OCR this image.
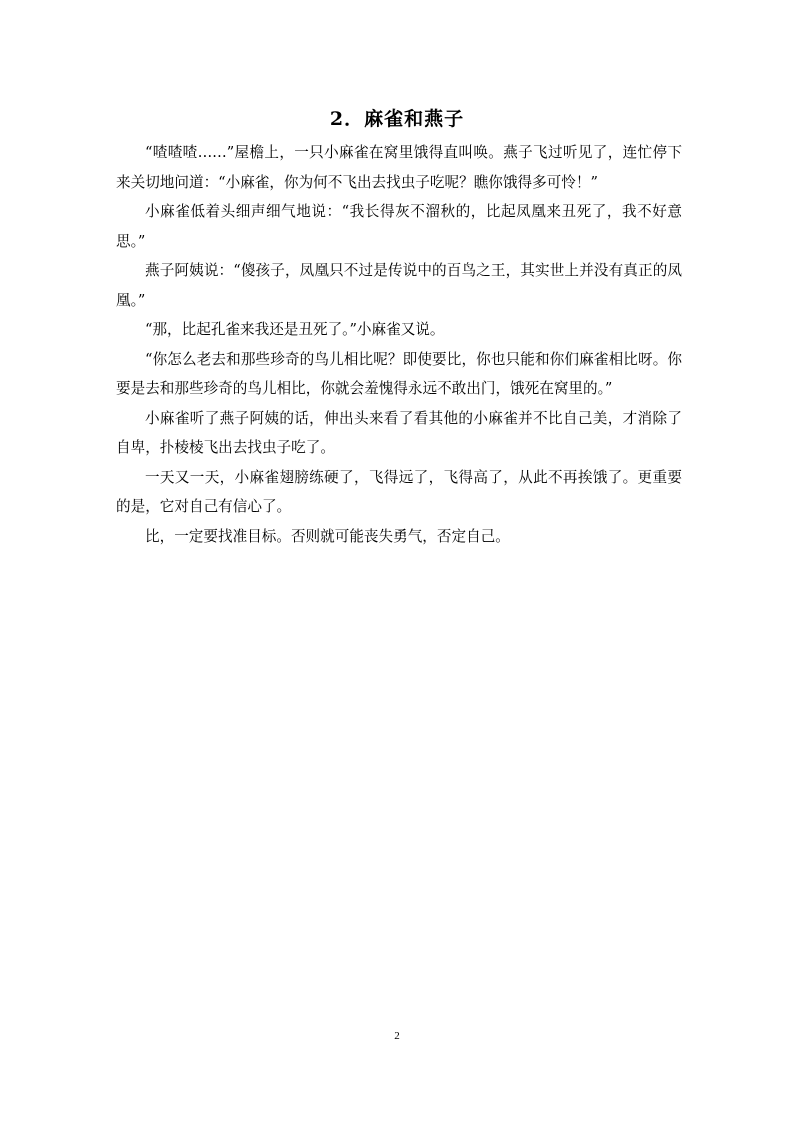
2．麻雀和燕子

“喳喳喳……”屋檐上，一只小麻雀在窝里饿得直叫唤。燕子飞过听见了，连忙停下来关切地问道：“小麻雀，你为何不飞出去找虫子吃呢？瞧你饿得多可怜！”

小麻雀低着头细声细气地说：“我长得灰不溜秋的，比起凤凰来丑死了，我不好意思。”

燕子阿姨说：“傻孩子，凤凰只不过是传说中的百鸟之王，其实世上并没有真正的凤凰。”

“那，比起孔雀来我还是丑死了。”小麻雀又说。

“你怎么老去和那些珍奇的鸟儿相比呢？即使要比，你也只能和你们麻雀相比呀。你要是去和那些珍奇的鸟儿相比，你就会羞愧得永远不敢出门，饿死在窝里的。”

小麻雀听了燕子阿姨的话，伸出头来看了看其他的小麻雀并不比自己美，才消除了自卑，扑棱棱飞出去找虫子吃了。

一天又一天，小麻雀翅膀练硬了，飞得远了，飞得高了，从此不再挨饿了。更重要的是，它对自己有信心了。

比，一定要找准目标。否则就可能丧失勇气，否定自己。

2
